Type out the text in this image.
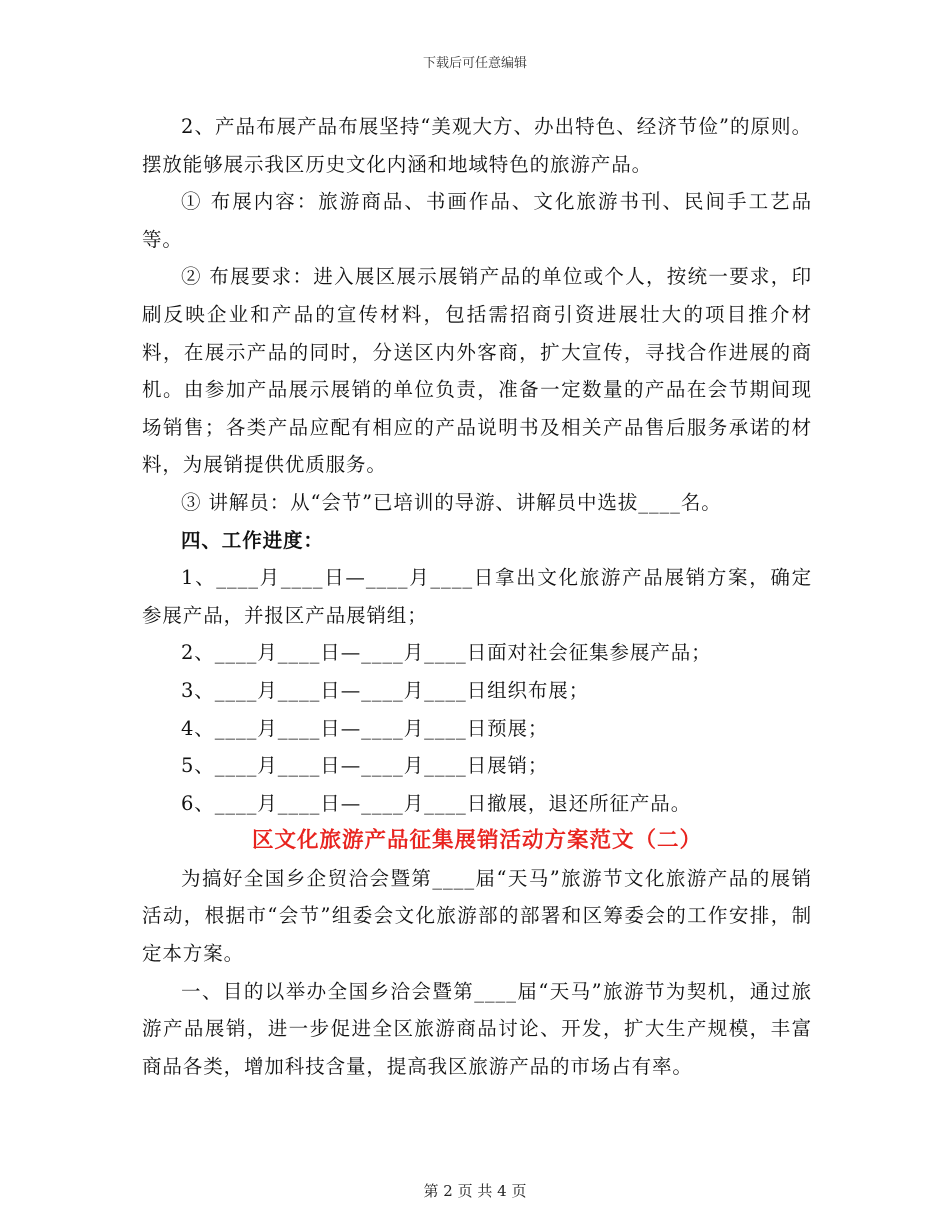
下载后可任意编辑

2、产品布展产品布展坚持“美观大方、办出特色、经济节俭”的原则。摆放能够展示我区历史文化内涵和地域特色的旅游产品。

① 布展内容：旅游商品、书画作品、文化旅游书刊、民间手工艺品等。

② 布展要求：进入展区展示展销产品的单位或个人，按统一要求，印刷反映企业和产品的宣传材料，包括需招商引资进展壮大的项目推介材料，在展示产品的同时，分送区内外客商，扩大宣传，寻找合作进展的商机。由参加产品展示展销的单位负责，准备一定数量的产品在会节期间现场销售；各类产品应配有相应的产品说明书及相关产品售后服务承诺的材料，为展销提供优质服务。

③ 讲解员：从“会节”已培训的导游、讲解员中选拔____名。

四、工作进度：

1、____月____日—____月____日拿出文化旅游产品展销方案，确定参展产品，并报区产品展销组；

2、____月____日—____月____日面对社会征集参展产品；

3、____月____日—____月____日组织布展；

4、____月____日—____月____日预展；

5、____月____日—____月____日展销；

6、____月____日—____月____日撤展，退还所征产品。

区文化旅游产品征集展销活动方案范文（二）

为搞好全国乡企贸洽会暨第____届“天马”旅游节文化旅游产品的展销活动，根据市“会节”组委会文化旅游部的部署和区筹委会的工作安排，制定本方案。

一、目的以举办全国乡洽会暨第____届“天马”旅游节为契机，通过旅游产品展销，进一步促进全区旅游商品讨论、开发，扩大生产规模，丰富商品各类，增加科技含量，提高我区旅游产品的市场占有率。

第 2 页 共 4 页
